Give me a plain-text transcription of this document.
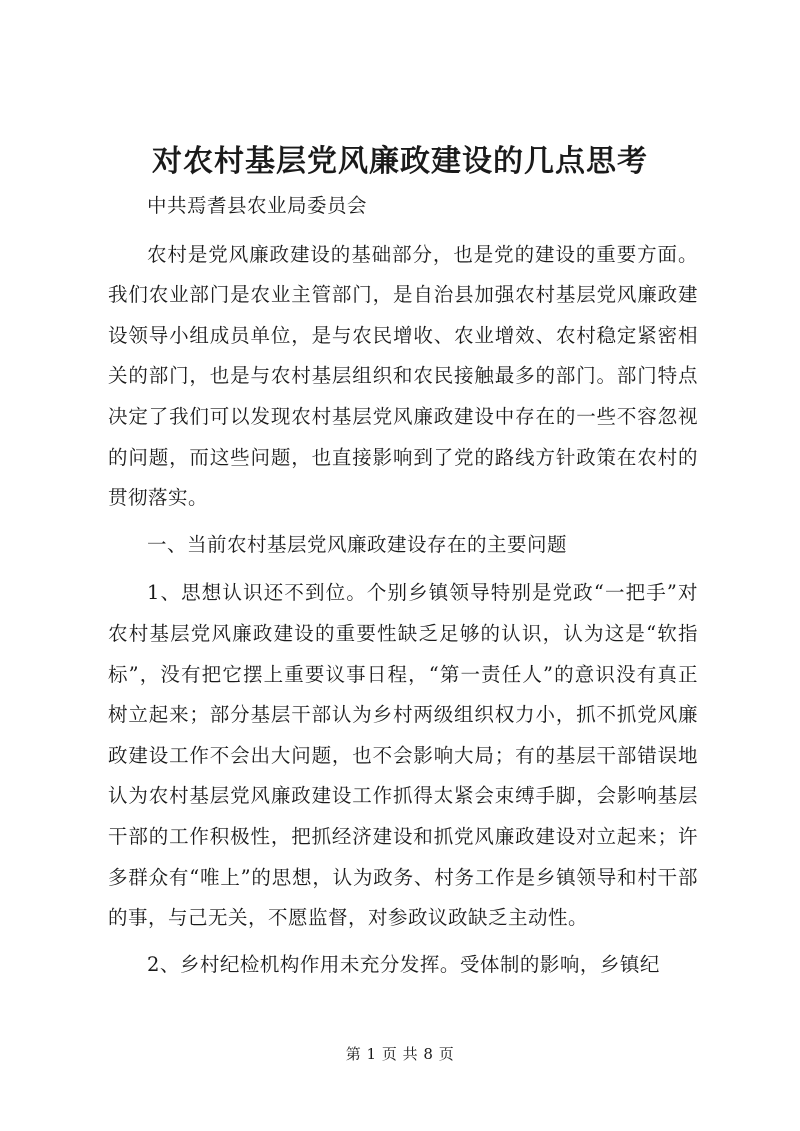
对农村基层党风廉政建设的几点思考

中共焉耆县农业局委员会

农村是党风廉政建设的基础部分，也是党的建设的重要方面。我们农业部门是农业主管部门，是自治县加强农村基层党风廉政建设领导小组成员单位，是与农民增收、农业增效、农村稳定紧密相关的部门，也是与农村基层组织和农民接触最多的部门。部门特点决定了我们可以发现农村基层党风廉政建设中存在的一些不容忽视的问题，而这些问题，也直接影响到了党的路线方针政策在农村的贯彻落实。

一、当前农村基层党风廉政建设存在的主要问题

1、思想认识还不到位。个别乡镇领导特别是党政“一把手”对农村基层党风廉政建设的重要性缺乏足够的认识，认为这是“软指标”，没有把它摆上重要议事日程，“第一责任人”的意识没有真正树立起来；部分基层干部认为乡村两级组织权力小，抓不抓党风廉政建设工作不会出大问题，也不会影响大局；有的基层干部错误地认为农村基层党风廉政建设工作抓得太紧会束缚手脚，会影响基层干部的工作积极性，把抓经济建设和抓党风廉政建设对立起来；许多群众有“唯上”的思想，认为政务、村务工作是乡镇领导和村干部的事，与己无关，不愿监督，对参政议政缺乏主动性。

2、乡村纪检机构作用未充分发挥。受体制的影响，乡镇纪

第 1 页 共 8 页
